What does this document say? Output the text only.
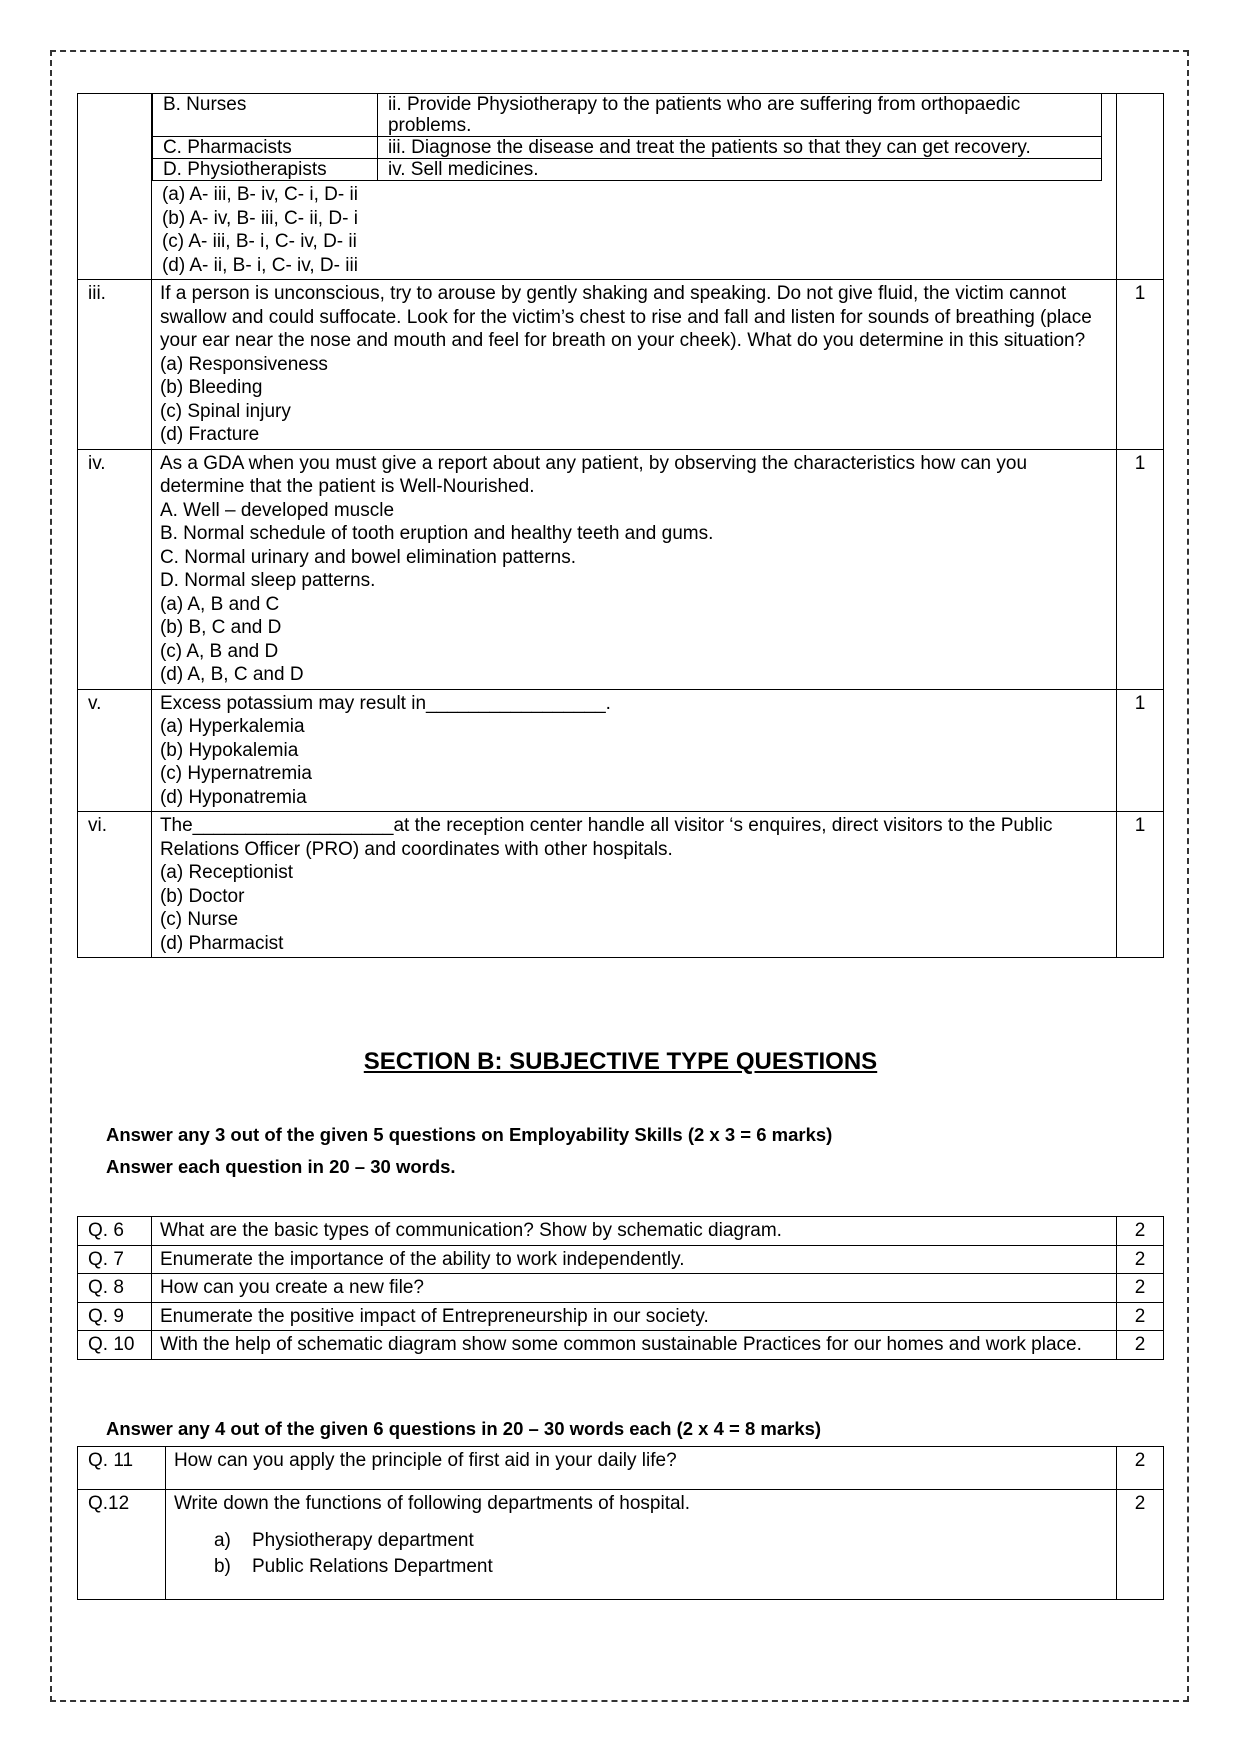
B. Nurses	ii. Provide Physiotherapy to the patients who are suffering from orthopaedic problems.
C. Pharmacists	iii. Diagnose the disease and treat the patients so that they can get recovery.
D. Physiotherapists	iv. Sell medicines.
(a) A- iii, B- iv, C- i, D- ii
(b) A- iv, B- iii, C- ii, D- i
(c) A- iii, B- i, C- iv, D- ii
(d) A- ii, B- i, C- iv, D- iii

iii.	If a person is unconscious, try to arouse by gently shaking and speaking. Do not give fluid, the victim cannot swallow and could suffocate. Look for the victim’s chest to rise and fall and listen for sounds of breathing (place your ear near the nose and mouth and feel for breath on your cheek). What do you determine in this situation?
(a) Responsiveness
(b) Bleeding
(c) Spinal injury
(d) Fracture
	1
iv.	As a GDA when you must give a report about any patient, by observing the characteristics how can you determine that the patient is Well-Nourished.
A. Well – developed muscle
B. Normal schedule of tooth eruption and healthy teeth and gums.
C. Normal urinary and bowel elimination patterns.
D. Normal sleep patterns.
(a) A, B and C
(b) B, C and D
(c) A, B and D
(d) A, B, C and D
	1
v.	Excess potassium may result in_________________.
(a) Hyperkalemia
(b) Hypokalemia
(c) Hypernatremia
(d) Hyponatremia
	1
vi.	The___________________at the reception center handle all visitor ‘s enquires, direct visitors to the Public Relations Officer (PRO) and coordinates with other hospitals.
(a) Receptionist
(b) Doctor
(c) Nurse
(d) Pharmacist
	1
SECTION B: SUBJECTIVE TYPE QUESTIONS
Answer any 3 out of the given 5 questions on Employability Skills (2 x 3 = 6 marks)
Answer each question in 20 – 30 words.
Q. 6	What are the basic types of communication? Show by schematic diagram.	2
Q. 7	Enumerate the importance of the ability to work independently.	2
Q. 8	How can you create a new file?	2
Q. 9	Enumerate the positive impact of Entrepreneurship in our society.	2
Q. 10	With the help of schematic diagram show some common sustainable Practices for our homes and work place.	2
Answer any 4 out of the given 6 questions in 20 – 30 words each (2 x 4 = 8 marks)
Q. 11	How can you apply the principle of first aid in your daily life?	2
Q.12	Write down the functions of following departments of hospital.
a) Physiotherapy department
b) Public Relations Department	2
